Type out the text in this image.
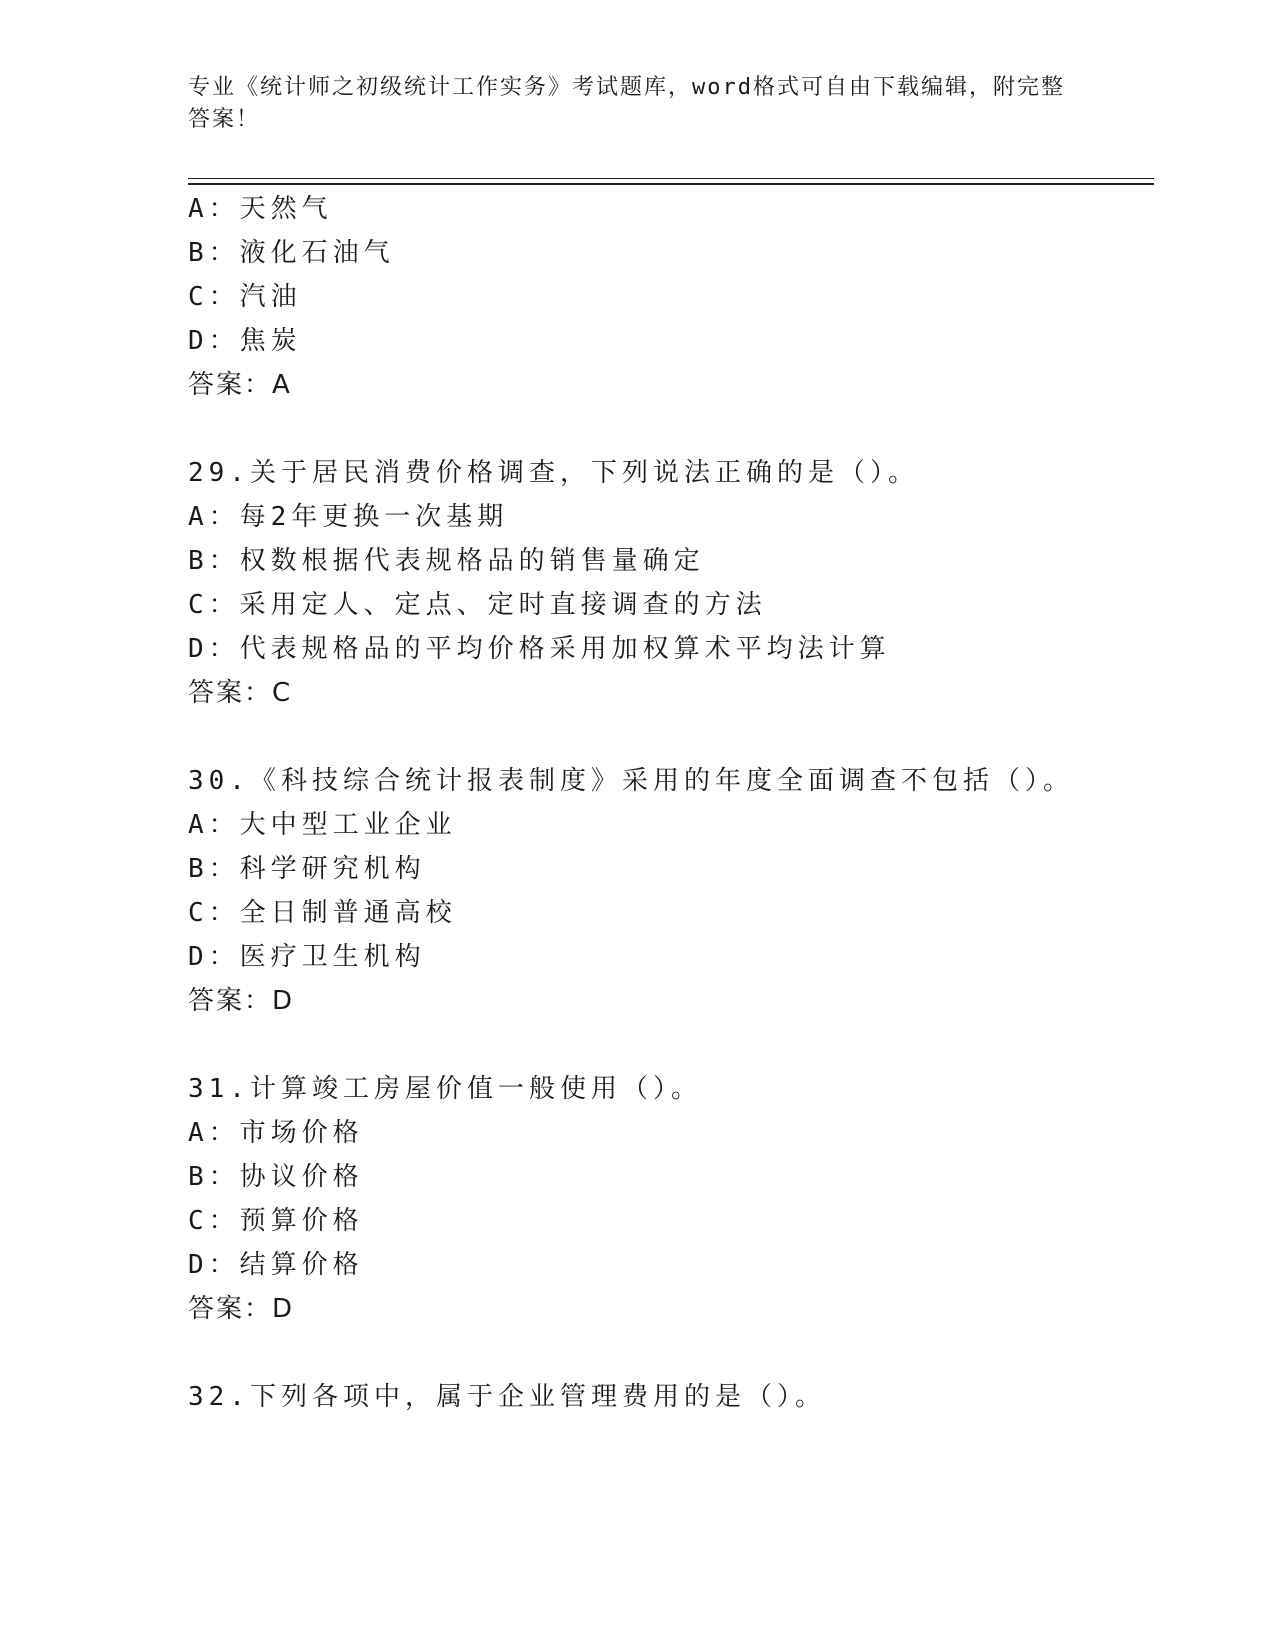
专业《统计师之初级统计工作实务》考试题库，word格式可自由下载编辑，附完整答案！
A：天然气
B：液化石油气
C：汽油
D：焦炭
答案：A
29.关于居民消费价格调查，下列说法正确的是（）。
A：每2年更换一次基期
B：权数根据代表规格品的销售量确定
C：采用定人、定点、定时直接调查的方法
D：代表规格品的平均价格采用加权算术平均法计算
答案：C
30.《科技综合统计报表制度》采用的年度全面调查不包括（）。
A：大中型工业企业
B：科学研究机构
C：全日制普通高校
D：医疗卫生机构
答案：D
31.计算竣工房屋价值一般使用（）。
A：市场价格
B：协议价格
C：预算价格
D：结算价格
答案：D
32.下列各项中，属于企业管理费用的是（）。
